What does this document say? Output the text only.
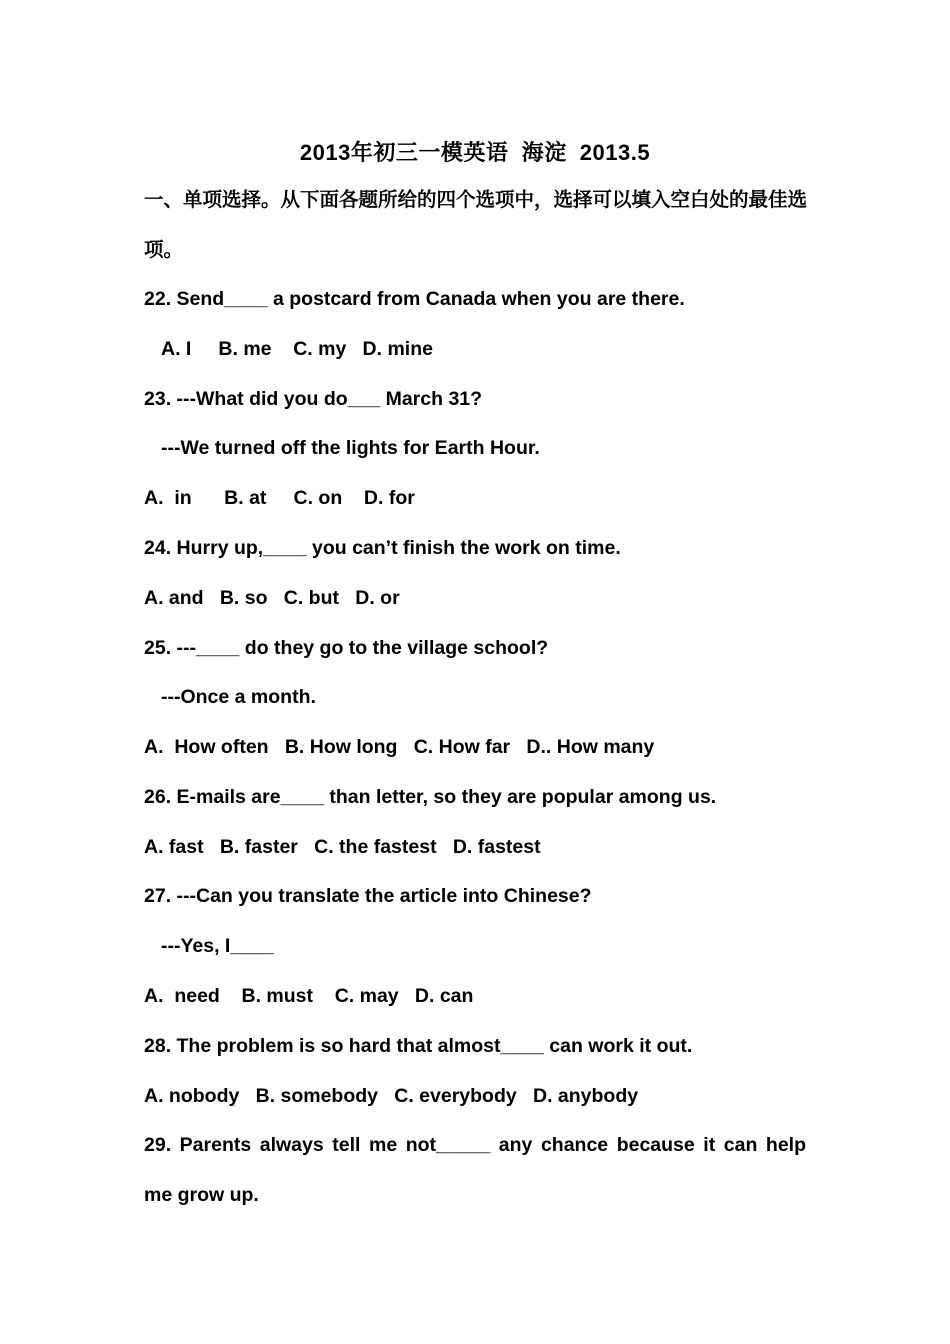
2013年初三一模英语  海淀  2013.5
一、单项选择。从下面各题所给的四个选项中，选择可以填入空白处的最佳选
项。
22. Send____ a postcard from Canada when you are there.
A. I     B. me    C. my   D. mine
23. ---What did you do___ March 31?
---We turned off the lights for Earth Hour.
A.  in      B. at     C. on    D. for
24. Hurry up,____ you can’t finish the work on time.
A. and   B. so   C. but   D. or
25. ---____ do they go to the village school?
---Once a month.
A.  How often   B. How long   C. How far   D.. How many
26. E-mails are____ than letter, so they are popular among us.
A. fast   B. faster   C. the fastest   D. fastest
27. ---Can you translate the article into Chinese?
---Yes, I____
A.  need    B. must    C. may   D. can
28. The problem is so hard that almost____ can work it out.
A. nobody   B. somebody   C. everybody   D. anybody
29. Parents always tell me not_____ any chance because it can help
me grow up.
